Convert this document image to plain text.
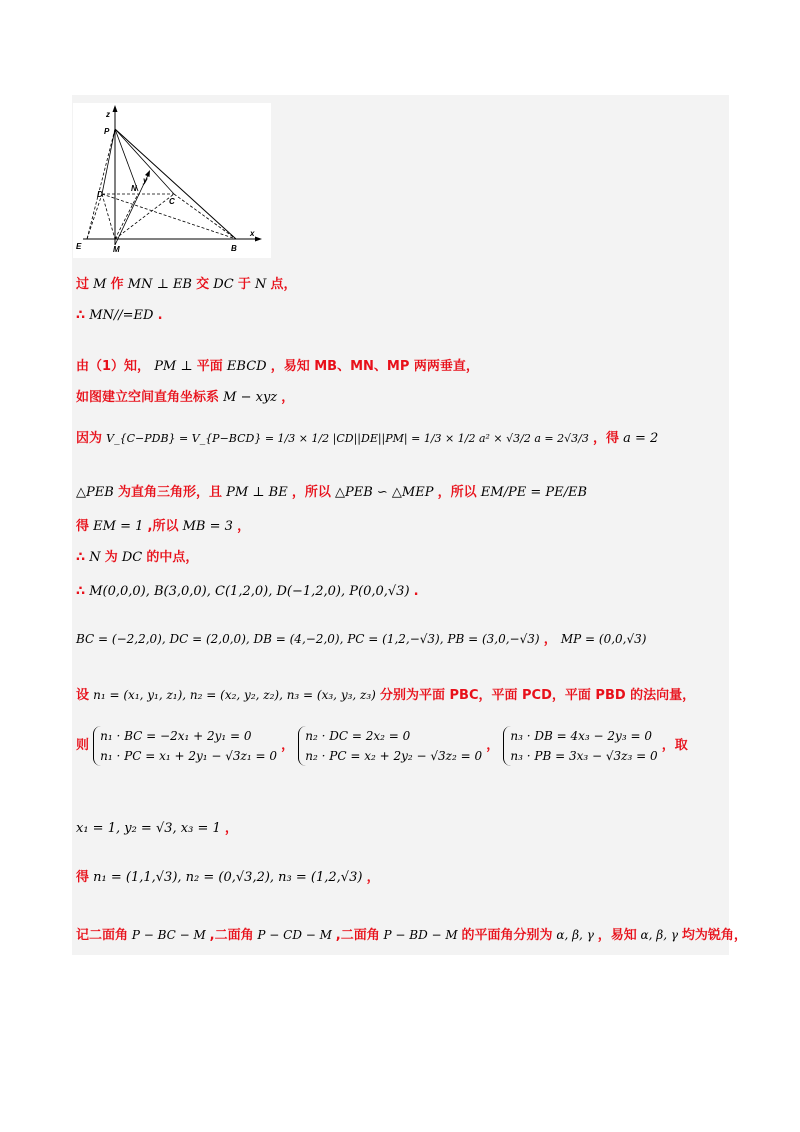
z
P
y
N
D
C
E	M	B
x
过 M 作 MN ⊥ EB 交 DC 于 N 点，
∴ MN//=ED .
由（1）知， PM ⊥ 平面 EBCD ，易知 MB、MN、MP 两两垂直，
如图建立空间直角坐标系 M − xyz ，
因为 V_{C−PDB} = V_{P−BCD} = 1/3 × 1/2 |CD||DE||PM| = 1/3 × 1/2 a² × √3/2 a = 2√3/3 ，得 a = 2
△PEB 为直角三角形，且 PM ⊥ BE ，所以 △PEB ∽ △MEP ，所以 EM/PE = PE/EB
得 EM = 1 ,所以 MB = 3 ，
∴ N 为 DC 的中点，
∴ M(0,0,0), B(3,0,0), C(1,2,0), D(−1,2,0), P(0,0,√3) .
BC = (−2,2,0), DC = (2,0,0), DB = (4,−2,0), PC = (1,2,−√3), PB = (3,0,−√3) ， MP = (0,0,√3)
设 n₁ = (x₁, y₁, z₁), n₂ = (x₂, y₂, z₂), n₃ = (x₃, y₃, z₃) 分别为平面 PBC，平面 PCD，平面 PBD 的法向量，
则 n₁ · BC = −2x₁ + 2y₁ = 0
n₁ · PC = x₁ + 2y₁ − √3z₁ = 0 ， n₂ · DC = 2x₂ = 0
n₂ · PC = x₂ + 2y₂ − √3z₂ = 0 ， n₃ · DB = 4x₃ − 2y₃ = 0
n₃ · PB = 3x₃ − √3z₃ = 0 ，取
x₁ = 1, y₂ = √3, x₃ = 1 ，
得 n₁ = (1,1,√3), n₂ = (0,√3,2), n₃ = (1,2,√3) ，
记二面角 P − BC − M ,二面角 P − CD − M ,二面角 P − BD − M 的平面角分别为 α, β, γ ，易知 α, β, γ 均为锐角，
